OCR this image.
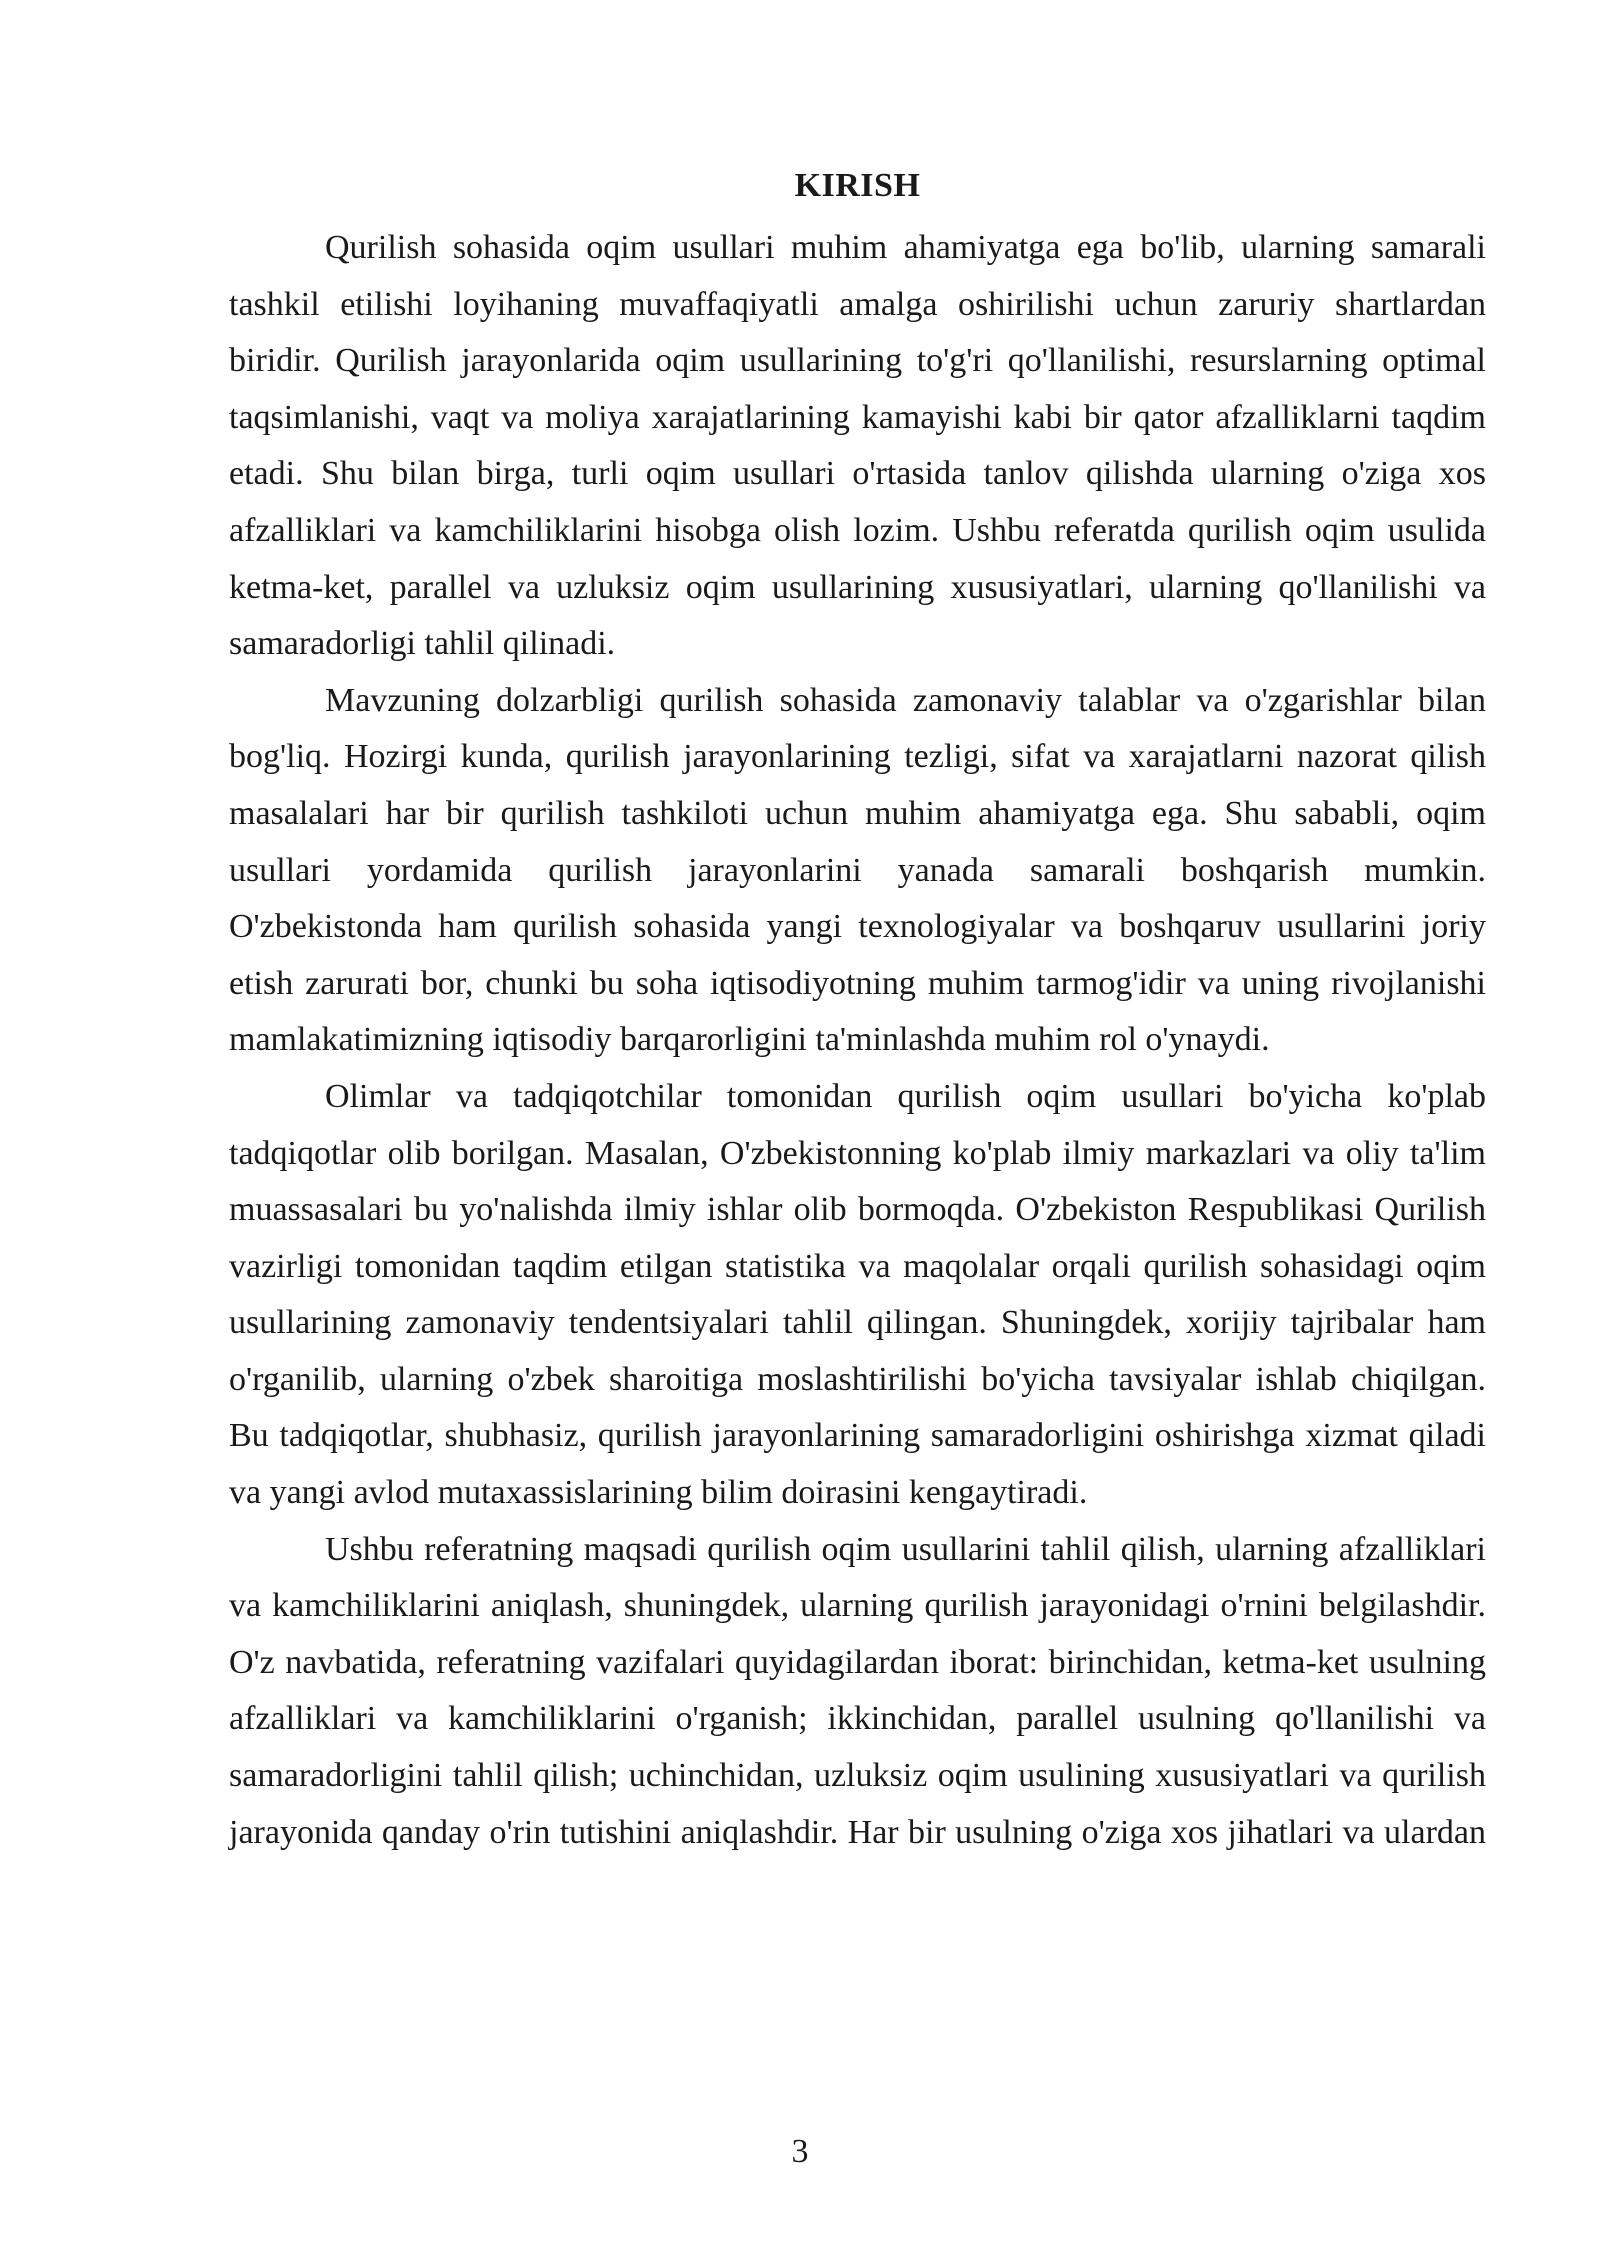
KIRISH

Qurilish sohasida oqim usullari muhim ahamiyatga ega bo'lib, ularning samarali tashkil etilishi loyihaning muvaffaqiyatli amalga oshirilishi uchun zaruriy shartlardan biridir. Qurilish jarayonlarida oqim usullarining to'g'ri qo'llanilishi, resurslarning optimal taqsimlanishi, vaqt va moliya xarajatlarining kamayishi kabi bir qator afzalliklarni taqdim etadi. Shu bilan birga, turli oqim usullari o'rtasida tanlov qilishda ularning o'ziga xos afzalliklari va kamchiliklarini hisobga olish lozim. Ushbu referatda qurilish oqim usulida ketma-ket, parallel va uzluksiz oqim usullarining xususiyatlari, ularning qo'llanilishi va samaradorligi tahlil qilinadi.

Mavzuning dolzarbligi qurilish sohasida zamonaviy talablar va o'zgarishlar bilan bog'liq. Hozirgi kunda, qurilish jarayonlarining tezligi, sifat va xarajatlarni nazorat qilish masalalari har bir qurilish tashkiloti uchun muhim ahamiyatga ega. Shu sababli, oqim usullari yordamida qurilish jarayonlarini yanada samarali boshqarish mumkin. O'zbekistonda ham qurilish sohasida yangi texnologiyalar va boshqaruv usullarini joriy etish zarurati bor, chunki bu soha iqtisodiyotning muhim tarmog'idir va uning rivojlanishi mamlakatimizning iqtisodiy barqarorligini ta'minlashda muhim rol o'ynaydi.

Olimlar va tadqiqotchilar tomonidan qurilish oqim usullari bo'yicha ko'plab tadqiqotlar olib borilgan. Masalan, O'zbekistonning ko'plab ilmiy markazlari va oliy ta'lim muassasalari bu yo'nalishda ilmiy ishlar olib bormoqda. O'zbekiston Respublikasi Qurilish vazirligi tomonidan taqdim etilgan statistika va maqolalar orqali qurilish sohasidagi oqim usullarining zamonaviy tendentsiyalari tahlil qilingan. Shuningdek, xorijiy tajribalar ham o'rganilib, ularning o'zbek sharoitiga moslashtirilishi bo'yicha tavsiyalar ishlab chiqilgan. Bu tadqiqotlar, shubhasiz, qurilish jarayonlarining samaradorligini oshirishga xizmat qiladi va yangi avlod mutaxassislarining bilim doirasini kengaytiradi.

Ushbu referatning maqsadi qurilish oqim usullarini tahlil qilish, ularning afzalliklari va kamchiliklarini aniqlash, shuningdek, ularning qurilish jarayonidagi o'rnini belgilashdir. O'z navbatida, referatning vazifalari quyidagilardan iborat: birinchidan, ketma-ket usulning afzalliklari va kamchiliklarini o'rganish; ikkinchidan, parallel usulning qo'llanilishi va samaradorligini tahlil qilish; uchinchidan, uzluksiz oqim usulining xususiyatlari va qurilish jarayonida qanday o'rin tutishini aniqlashdir. Har bir usulning o'ziga xos jihatlari va ulardan

3
